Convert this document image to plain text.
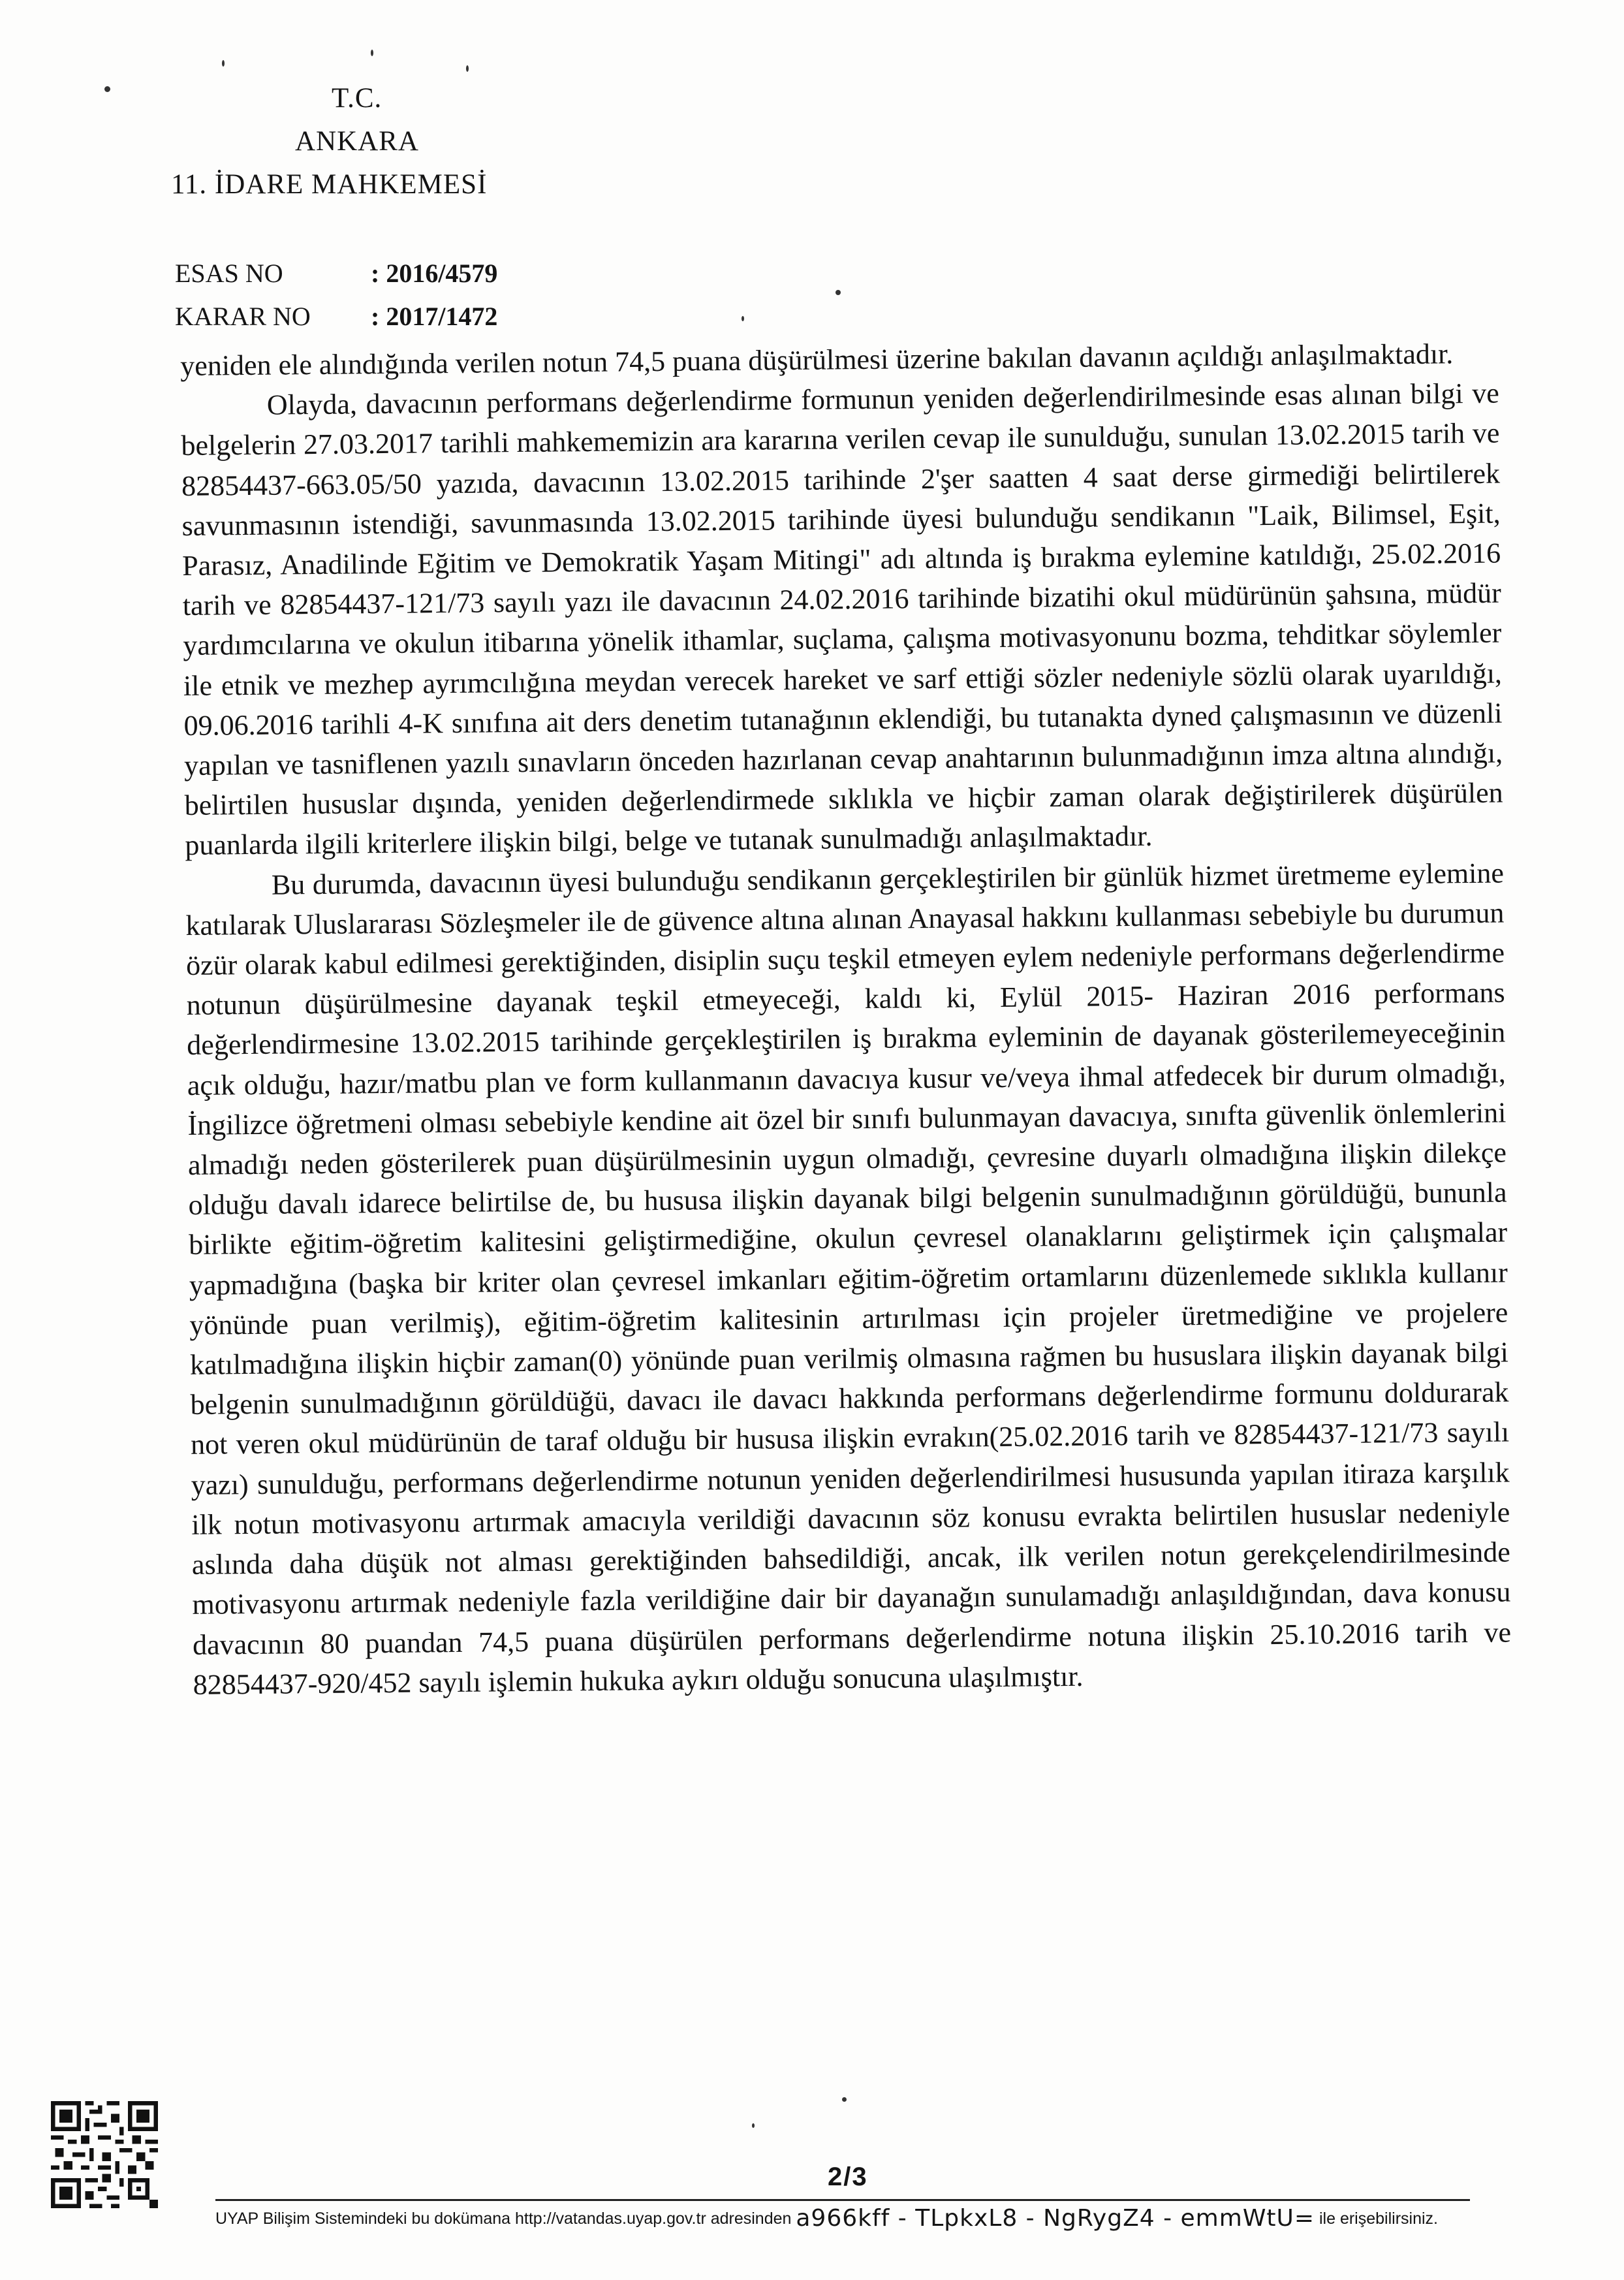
T.C.
ANKARA
11. İDARE MAHKEMESİ
ESAS NO	: 2016/4579
KARAR NO	: 2017/1472

yeniden ele alındığında verilen notun 74,5 puana düşürülmesi üzerine bakılan davanın açıldığı anlaşılmaktadır.

Olayda, davacının performans değerlendirme formunun yeniden değerlendirilmesinde esas alınan bilgi ve belgelerin 27.03.2017 tarihli mahkememizin ara kararına verilen cevap ile sunulduğu, sunulan 13.02.2015 tarih ve 82854437-663.05/50 yazıda, davacının 13.02.2015 tarihinde 2'şer saatten 4 saat derse girmediği belirtilerek savunmasının istendiği, savunmasında 13.02.2015 tarihinde üyesi bulunduğu sendikanın "Laik, Bilimsel, Eşit, Parasız, Anadilinde Eğitim ve Demokratik Yaşam Mitingi" adı altında iş bırakma eylemine katıldığı, 25.02.2016 tarih ve 82854437-121/73 sayılı yazı ile davacının 24.02.2016 tarihinde bizatihi okul müdürünün şahsına, müdür yardımcılarına ve okulun itibarına yönelik ithamlar, suçlama, çalışma motivasyonunu bozma, tehditkar söylemler ile etnik ve mezhep ayrımcılığına meydan verecek hareket ve sarf ettiği sözler nedeniyle sözlü olarak uyarıldığı, 09.06.2016 tarihli 4-K sınıfına ait ders denetim tutanağının eklendiği, bu tutanakta dyned çalışmasının ve düzenli yapılan ve tasniflenen yazılı sınavların önceden hazırlanan cevap anahtarının bulunmadığının imza altına alındığı, belirtilen hususlar dışında, yeniden değerlendirmede sıklıkla ve hiçbir zaman olarak değiştirilerek düşürülen puanlarda ilgili kriterlere ilişkin bilgi, belge ve tutanak sunulmadığı anlaşılmaktadır.

Bu durumda, davacının üyesi bulunduğu sendikanın gerçekleştirilen bir günlük hizmet üretmeme eylemine katılarak Uluslararası Sözleşmeler ile de güvence altına alınan Anayasal hakkını kullanması sebebiyle bu durumun özür olarak kabul edilmesi gerektiğinden, disiplin suçu teşkil etmeyen eylem nedeniyle performans değerlendirme notunun düşürülmesine dayanak teşkil etmeyeceği, kaldı ki, Eylül 2015- Haziran 2016 performans değerlendirmesine 13.02.2015 tarihinde gerçekleştirilen iş bırakma eyleminin de dayanak gösterilemeyeceğinin açık olduğu, hazır/matbu plan ve form kullanmanın davacıya kusur ve/veya ihmal atfedecek bir durum olmadığı, İngilizce öğretmeni olması sebebiyle kendine ait özel bir sınıfı bulunmayan davacıya, sınıfta güvenlik önlemlerini almadığı neden gösterilerek puan düşürülmesinin uygun olmadığı, çevresine duyarlı olmadığına ilişkin dilekçe olduğu davalı idarece belirtilse de, bu hususa ilişkin dayanak bilgi belgenin sunulmadığının görüldüğü, bununla birlikte eğitim-öğretim kalitesini geliştirmediğine, okulun çevresel olanaklarını geliştirmek için çalışmalar yapmadığına (başka bir kriter olan çevresel imkanları eğitim-öğretim ortamlarını düzenlemede sıklıkla kullanır yönünde puan verilmiş), eğitim-öğretim kalitesinin artırılması için projeler üretmediğine ve projelere katılmadığına ilişkin hiçbir zaman(0) yönünde puan verilmiş olmasına rağmen bu hususlara ilişkin dayanak bilgi belgenin sunulmadığının görüldüğü, davacı ile davacı hakkında performans değerlendirme formunu doldurarak not veren okul müdürünün de taraf olduğu bir hususa ilişkin evrakın(25.02.2016 tarih ve 82854437-121/73 sayılı yazı) sunulduğu, performans değerlendirme notunun yeniden değerlendirilmesi hususunda yapılan itiraza karşılık ilk notun motivasyonu artırmak amacıyla verildiği davacının söz konusu evrakta belirtilen hususlar nedeniyle aslında daha düşük not alması gerektiğinden bahsedildiği, ancak, ilk verilen notun gerekçelendirilmesinde motivasyonu artırmak nedeniyle fazla verildiğine dair bir dayanağın sunulamadığı anlaşıldığından, dava konusu davacının 80 puandan 74,5 puana düşürülen performans değerlendirme notuna ilişkin 25.10.2016 tarih ve 82854437-920/452 sayılı işlemin hukuka aykırı olduğu sonucuna ulaşılmıştır.

2/3
UYAP Bilişim Sistemindeki bu dokümana http://vatandas.uyap.gov.tr adresinden a966kff - TLpkxL8 - NgRygZ4 - emmWtU= ile erişebilirsiniz.
